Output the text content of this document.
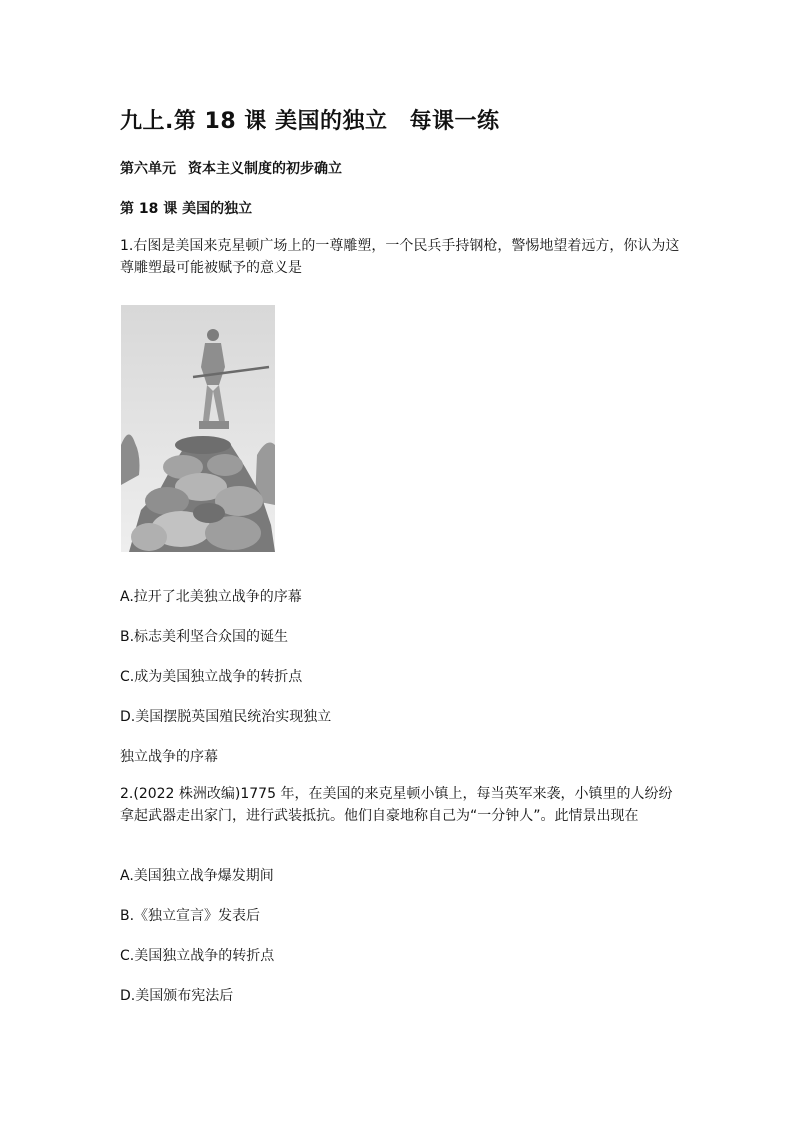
九上.第 18 课 美国的独立 每课一练
第六单元 资本主义制度的初步确立
第 18 课 美国的独立
1.右图是美国来克星顿广场上的一尊雕塑，一个民兵手持钢枪，警惕地望着远方，你认为这尊雕塑最可能被赋予的意义是
A.拉开了北美独立战争的序幕
B.标志美利坚合众国的诞生
C.成为美国独立战争的转折点
D.美国摆脱英国殖民统治实现独立
独立战争的序幕
2.(2022 株洲改编)1775 年，在美国的来克星顿小镇上，每当英军来袭，小镇里的人纷纷拿起武器走出家门，进行武装抵抗。他们自豪地称自己为“一分钟人”。此情景出现在
A.美国独立战争爆发期间
B.《独立宣言》发表后
C.美国独立战争的转折点
D.美国颁布宪法后
